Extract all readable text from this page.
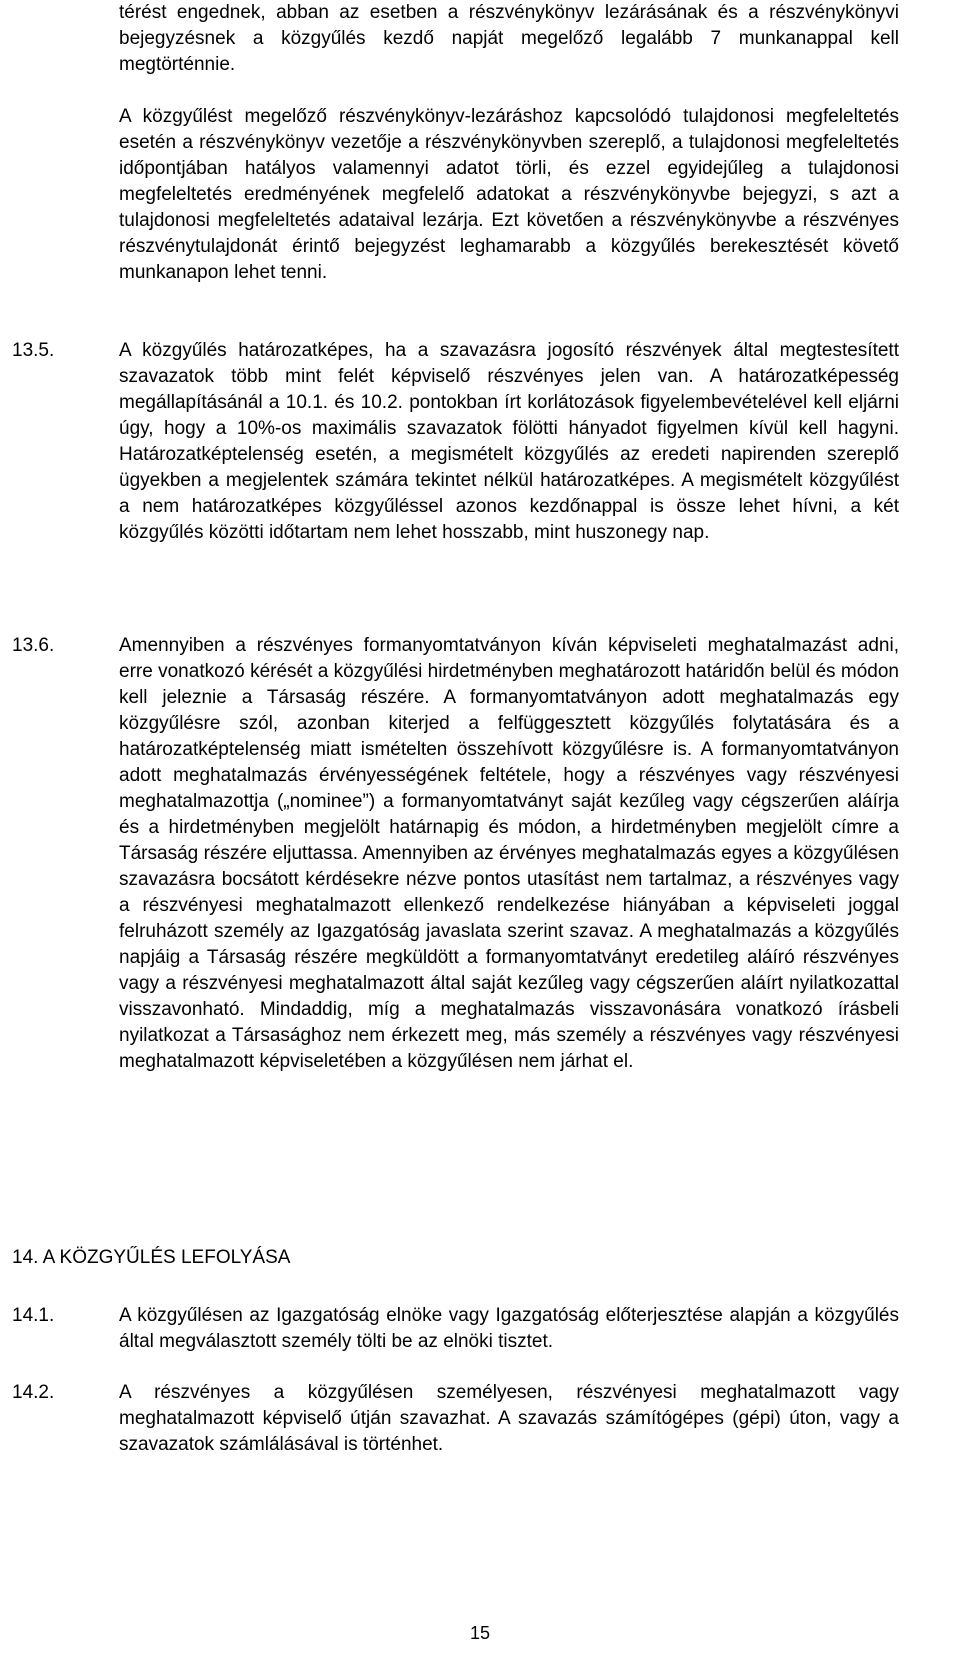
térést engednek, abban az esetben a részvénykönyv lezárásának és a részvénykönyvi bejegyzésnek a közgyűlés kezdő napját megelőző legalább 7 munkanappal kell megtörténnie.

A közgyűlést megelőző részvénykönyv-lezáráshoz kapcsolódó tulajdonosi megfeleltetés esetén a részvénykönyv vezetője a részvénykönyvben szereplő, a tulajdonosi megfeleltetés időpontjában hatályos valamennyi adatot törli, és ezzel egyidejűleg a tulajdonosi megfeleltetés eredményének megfelelő adatokat a részvénykönyvbe bejegyzi, s azt a tulajdonosi megfeleltetés adataival lezárja. Ezt követően a részvénykönyvbe a részvényes részvénytulajdonát érintő bejegyzést leghamarabb a közgyűlés berekesztését követő munkanapon lehet tenni.

13.5.	A közgyűlés határozatképes, ha a szavazásra jogosító részvények által megtestesített szavazatok több mint felét képviselő részvényes jelen van. A határozatképesség megállapításánál a 10.1. és 10.2. pontokban írt korlátozások figyelembevételével kell eljárni úgy, hogy a 10%-os maximális szavazatok fölötti hányadot figyelmen kívül kell hagyni. Határozatképtelenség esetén, a megismételt közgyűlés az eredeti napirenden szereplő ügyekben a megjelentek számára tekintet nélkül határozatképes. A megismételt közgyűlést a nem határozatképes közgyűléssel azonos kezdőnappal is össze lehet hívni, a két közgyűlés közötti időtartam nem lehet hosszabb, mint huszonegy nap.

13.6.	Amennyiben a részvényes formanyomtatványon kíván képviseleti meghatalmazást adni, erre vonatkozó kérését a közgyűlési hirdetményben meghatározott határidőn belül és módon kell jeleznie a Társaság részére. A formanyomtatványon adott meghatalmazás egy közgyűlésre szól, azonban kiterjed a felfüggesztett közgyűlés folytatására és a határozatképtelenség miatt ismételten összehívott közgyűlésre is. A formanyomtatványon adott meghatalmazás érvényességének feltétele, hogy a részvényes vagy részvényesi meghatalmazottja („nominee”) a formanyomtatványt saját kezűleg vagy cégszerűen aláírja és a hirdetményben megjelölt határnapig és módon, a hirdetményben megjelölt címre a Társaság részére eljuttassa. Amennyiben az érvényes meghatalmazás egyes a közgyűlésen szavazásra bocsátott kérdésekre nézve pontos utasítást nem tartalmaz, a részvényes vagy a részvényesi meghatalmazott ellenkező rendelkezése hiányában a képviseleti joggal felruházott személy az Igazgatóság javaslata szerint szavaz. A meghatalmazás a közgyűlés napjáig a Társaság részére megküldött a formanyomtatványt eredetileg aláíró részvényes vagy a részvényesi meghatalmazott által saját kezűleg vagy cégszerűen aláírt nyilatkozattal visszavonható. Mindaddig, míg a meghatalmazás visszavonására vonatkozó írásbeli nyilatkozat a Társasághoz nem érkezett meg, más személy a részvényes vagy részvényesi meghatalmazott képviseletében a közgyűlésen nem járhat el.

14. A KÖZGYŰLÉS LEFOLYÁSA
14.1.	A közgyűlésen az Igazgatóság elnöke vagy Igazgatóság előterjesztése alapján a közgyűlés által megválasztott személy tölti be az elnöki tisztet.

14.2.	A részvényes a közgyűlésen személyesen, részvényesi meghatalmazott vagy meghatalmazott képviselő útján szavazhat. A szavazás számítógépes (gépi) úton, vagy a szavazatok számlálásával is történhet.

15
